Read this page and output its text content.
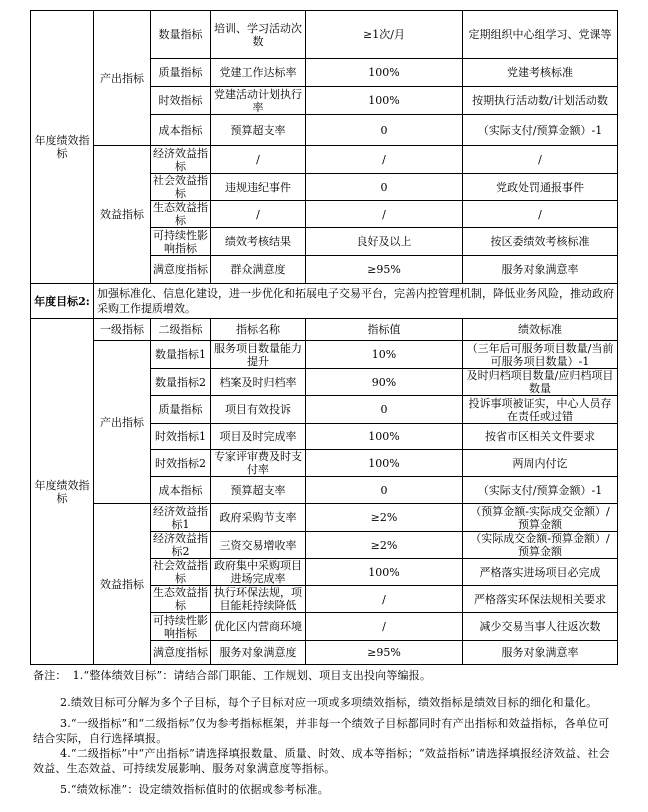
年度绩效指标	产出指标	数量指标	培训、学习活动次数	≥1次/月	定期组织中心组学习、党课等
		质量指标	党建工作达标率	100%	党建考核标准
		时效指标	党建活动计划执行率	100%	按期执行活动数/计划活动数
		成本指标	预算超支率	0	（实际支付/预算金额）-1
	效益指标	经济效益指标	/	/	/
		社会效益指标	违规违纪事件	0	党政处罚通报事件
		生态效益指标	/	/	/
		可持续性影响指标	绩效考核结果	良好及以上	按区委绩效考核标准
		满意度指标	群众满意度	≥95%	服务对象满意率
年度目标2:	加强标准化、信息化建设，进一步优化和拓展电子交易平台，完善内控管理机制，降低业务风险，推动政府采购工作提质增效。				
年度绩效指标	一级指标	二级指标	指标名称	指标值	绩效标准
	产出指标	数量指标1	服务项目数量能力提升	10%	（三年后可服务项目数量/当前可服务项目数量）-1
		数量指标2	档案及时归档率	90%	及时归档项目数量/应归档项目数量
		质量指标	项目有效投诉	0	投诉事项被证实，中心人员存在责任或过错
		时效指标1	项目及时完成率	100%	按省市区相关文件要求
		时效指标2	专家评审费及时支付率	100%	两周内付讫
		成本指标	预算超支率	0	（实际支付/预算金额）-1
	效益指标	经济效益指标1	政府采购节支率	≥2%	（预算金额-实际成交金额）/预算金额
		经济效益指标2	三资交易增收率	≥2%	（实际成交金额-预算金额）/预算金额
		社会效益指标	政府集中采购项目进场完成率	100%	严格落实进场项目必完成
		生态效益指标	执行环保法规，项目能耗持续降低	/	严格落实环保法规相关要求
		可持续性影响指标	优化区内营商环境	/	减少交易当事人往返次数
		满意度指标	服务对象满意度	≥95%	服务对象满意率

备注： 1.“整体绩效目标”：请结合部门职能、工作规划、项目支出投向等编报。

2.绩效目标可分解为多个子目标，每个子目标对应一项或多项绩效指标，绩效指标是绩效目标的细化和量化。

3.“一级指标”和“二级指标”仅为参考指标框架，并非每一个绩效子目标都同时有产出指标和效益指标，各单位可结合实际，自行选择填报。

4.“二级指标”中“产出指标”请选择填报数量、质量、时效、成本等指标；“效益指标”请选择填报经济效益、社会效益、生态效益、可持续发展影响、服务对象满意度等指标。

5.“绩效标准”：设定绩效指标值时的依据或参考标准。
